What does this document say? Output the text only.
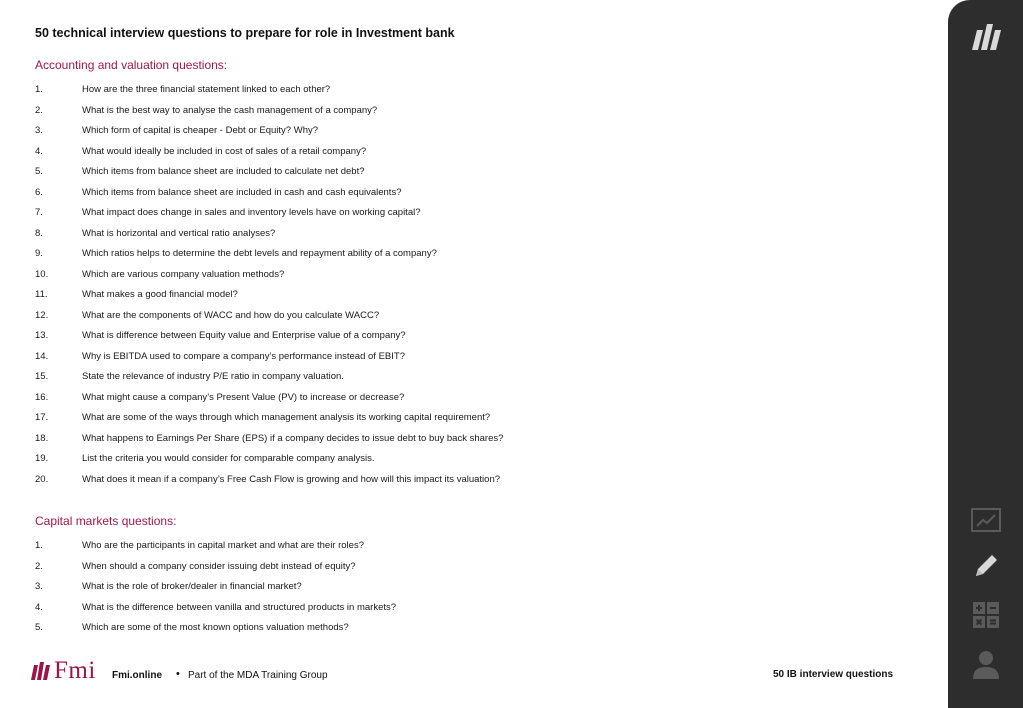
50 technical interview questions to prepare for role in Investment bank
Accounting and valuation questions:
1.	How are the three financial statement linked to each other?
2.	What is the best way to analyse the cash management of a company?
3.	Which form of capital is cheaper - Debt or Equity? Why?
4.	What would ideally be included in cost of sales of a retail company?
5.	Which items from balance sheet are included to calculate net debt?
6.	Which items from balance sheet are included in cash and cash equivalents?
7.	What impact does change in sales and inventory levels have on working capital?
8.	What is horizontal and vertical ratio analyses?
9.	Which ratios helps to determine the debt levels and repayment ability of a company?
10.	Which are various company valuation methods?
11.	What makes a good financial model?
12.	What are the components of WACC and how do you calculate WACC?
13.	What is difference between Equity value and Enterprise value of a company?
14.	Why is EBITDA used to compare a company’s performance instead of EBIT?
15.	State the relevance of industry P/E ratio in company valuation.
16.	What might cause a company’s Present Value (PV) to increase or decrease?
17.	What are some of the ways through which management analysis its working capital requirement?
18.	What happens to Earnings Per Share (EPS) if a company decides to issue debt to buy back shares?
19.	List the criteria you would consider for comparable company analysis.
20.	What does it mean if a company’s Free Cash Flow is growing and how will this impact its valuation?
Capital markets questions:
1.	Who are the participants in capital market and what are their roles?
2.	When should a company consider issuing debt instead of equity?
3.	What is the role of broker/dealer in financial market?
4.	What is the difference between vanilla and structured products in markets?
5.	Which are some of the most known options valuation methods?
Fmi Fmi.online • Part of the MDA Training Group	50 IB interview questions
